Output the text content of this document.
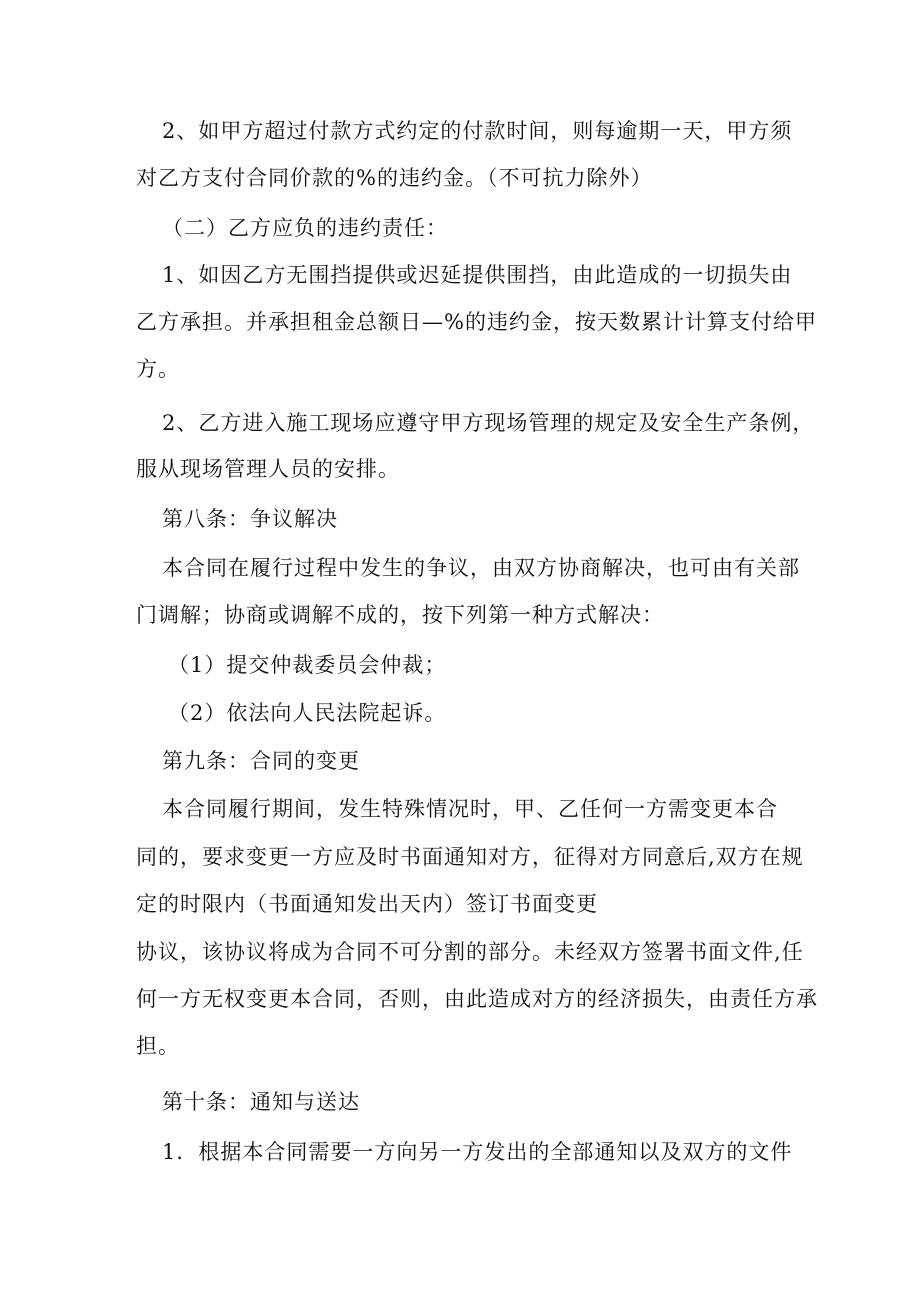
2、如甲方超过付款方式约定的付款时间，则每逾期一天，甲方须
对乙方支付合同价款的%的违约金。（不可抗力除外）
（二）乙方应负的违约责任：
1、如因乙方无围挡提供或迟延提供围挡，由此造成的一切损失由
乙方承担。并承担租金总额日—%的违约金，按天数累计计算支付给甲
方。
2、乙方进入施工现场应遵守甲方现场管理的规定及安全生产条例，
服从现场管理人员的安排。
第八条：争议解决
本合同在履行过程中发生的争议，由双方协商解决，也可由有关部
门调解；协商或调解不成的，按下列第一种方式解决：
（1）提交仲裁委员会仲裁；
（2）依法向人民法院起诉。
第九条：合同的变更
本合同履行期间，发生特殊情况时，甲、乙任何一方需变更本合
同的，要求变更一方应及时书面通知对方，征得对方同意后,双方在规
定的时限内（书面通知发出天内）签订书面变更
协议，该协议将成为合同不可分割的部分。未经双方签署书面文件,任
何一方无权变更本合同，否则，由此造成对方的经济损失，由责任方承
担。
第十条：通知与送达
1．根据本合同需要一方向另一方发出的全部通知以及双方的文件
